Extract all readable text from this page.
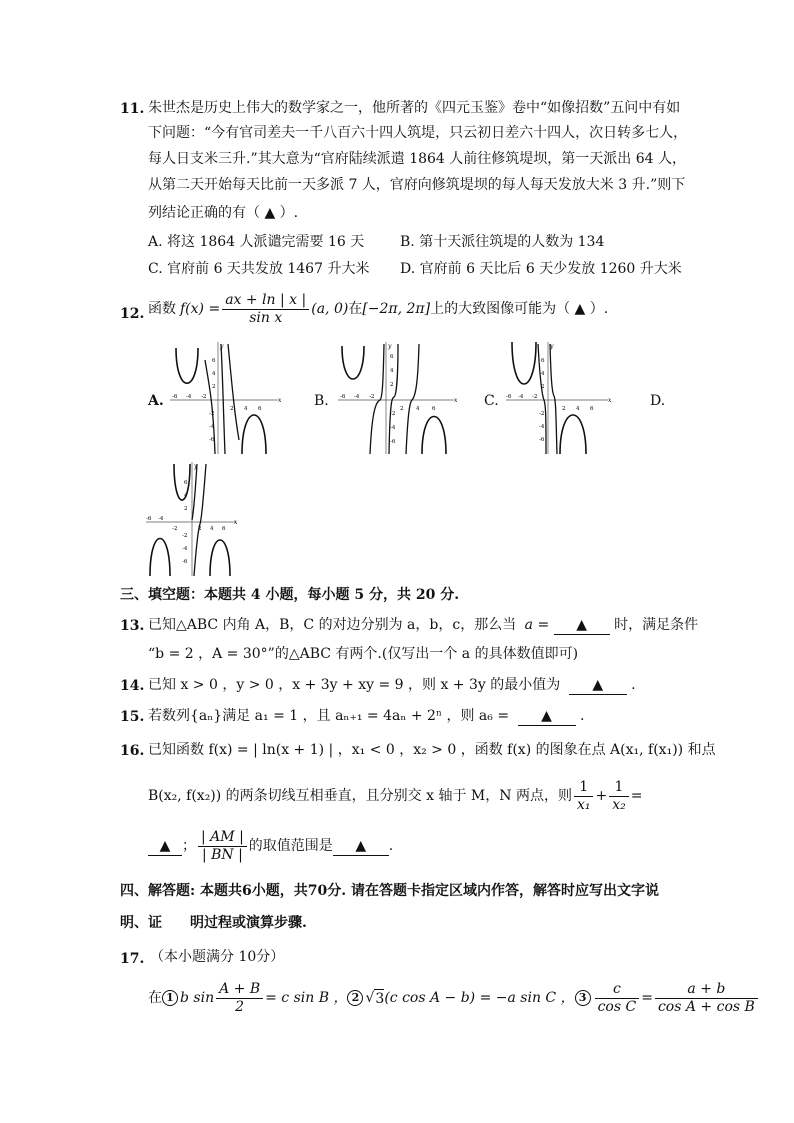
11. 朱世杰是历史上伟大的数学家之一，他所著的《四元玉鉴》卷中“如像招数”五问中有如
下问题：“今有官司差夫一千八百六十四人筑堤，只云初日差六十四人，次日转多七人，
每人日支米三升.”其大意为“官府陆续派遣 1864 人前往修筑堤坝，第一天派出 64 人，
从第二天开始每天比前一天多派 7 人，官府向修筑堤坝的每人每天发放大米 3 升.”则下
列结论正确的有（ ▲ ）.
A. 将这 1864 人派谴完需要 16 天	B. 第十天派往筑堤的人数为 134
C. 官府前 6 天共发放 1467 升大米 D. 官府前 6 天比后 6 天少发放 1260 升大米
12. 函数 $f(x) = \frac{ax + \ln | x |}{\text{sin x}} (a$, 0) 在 [−2π, 2π] 上的大致图像可能为（ ▲ ）.
A.	B.	C.	D.
x
y
-6 -4 -2
2 4 6
6
4
2
-2
-4
-6
x
y
-6 -4 -2
2 4 6
6
4
2
-2
-4
-6
x
y
-6 -4 -2
2 4 6
6
4
2
-2
-4
-6
x
y
-6 -4
-2	2 4 6
6
4
2
-2
-4
-6
三、填空题：本题共 4 小题，每小题 5 分，共 20 分.
13. 已知△ABC 内角 A，B，C 的对边分别为 a，b，c，那么当 a = ▲ 时，满足条件
“b = 2 ，A = 30°”的△ABC 有两个.(仅写出一个 a 的具体数值即可)
14. 已知 x > 0 ，y > 0 ，x + 3y + xy = 9 ，则 x + 3y 的最小值为 ▲ .
15. 若数列{aₙ}满足 a₁ = 1 ，且 aₙ₊₁ = 4aₙ + 2ⁿ ，则 a₆ = ▲ .
16. 已知函数 f(x) = | ln(x + 1) | ，x₁ < 0 ，x₂ > 0 ，函数 f(x) 的图象在点 A(x₁, f(x₁)) 和点
B(x₂, f(x₂)) 的两条切线互相垂直，且分别交 x 轴于 M，N 两点，则 $\frac{1}{\text{x₁}} + \frac{1}{\text{x₂}}$ =
▲ ； $\frac{| AM |}{| BN |}$ 的取值范围是	▲	.
四、解答题: 本题共6小题，共70分. 请在答题卡指定区域内作答，解答时应写出文字说
明、证　　明过程或演算步骤.
17. （本小题满分 10分）
在 1 b $\sin \frac{A + B}{2} = c$ sin B ， 2 √ 3 (c cos A − b) = −a sin C ， $3 \frac{c}{\text{cos C}} = \frac{a + b}{\text{cos A + cos B}}$
